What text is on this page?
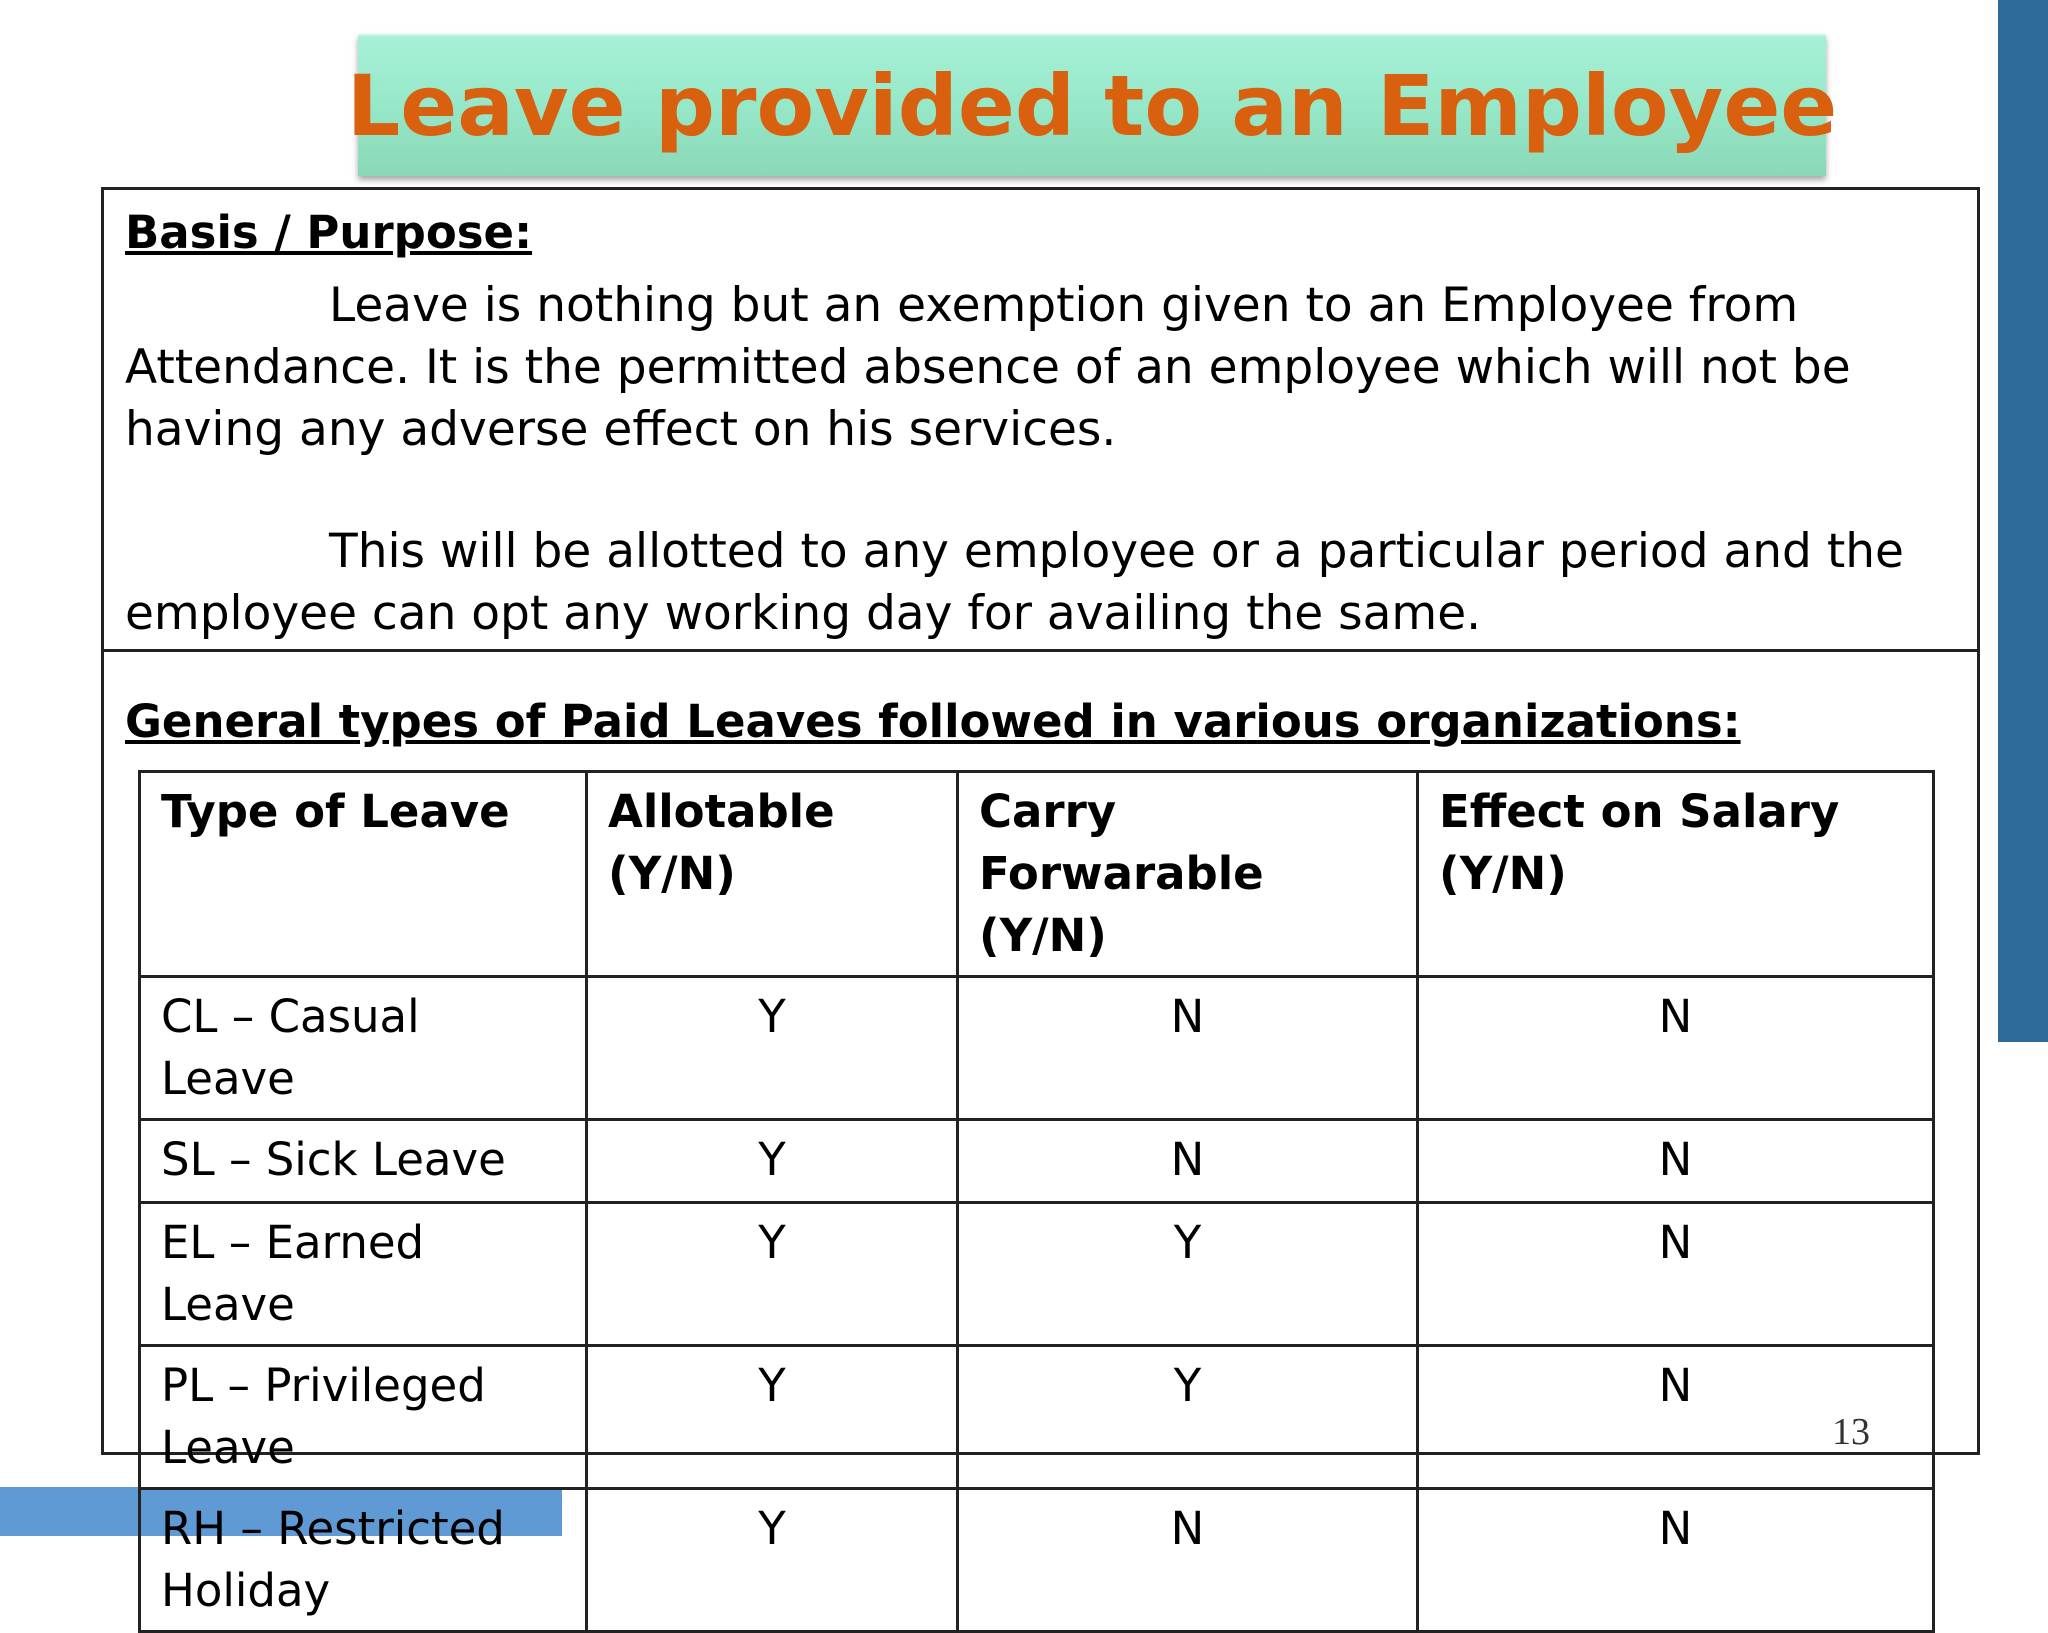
Leave provided to an Employee
Basis / Purpose:
Leave is nothing but an exemption given to an Employee from Attendance. It is the permitted absence of an employee which will not be having any adverse effect on his services.
This will be allotted to any employee or a particular period and the employee can opt any working day for availing the same.
General types of Paid Leaves followed in various organizations:
Type of Leave	Allotable (Y/N)	Carry Forwarable (Y/N)	Effect on Salary (Y/N)
CL – Casual Leave	Y	N	N
SL – Sick Leave	Y	N	N
EL – Earned Leave	Y	Y	N
PL – Privileged Leave	Y	Y	N
RH – Restricted Holiday	Y	N	N
13
